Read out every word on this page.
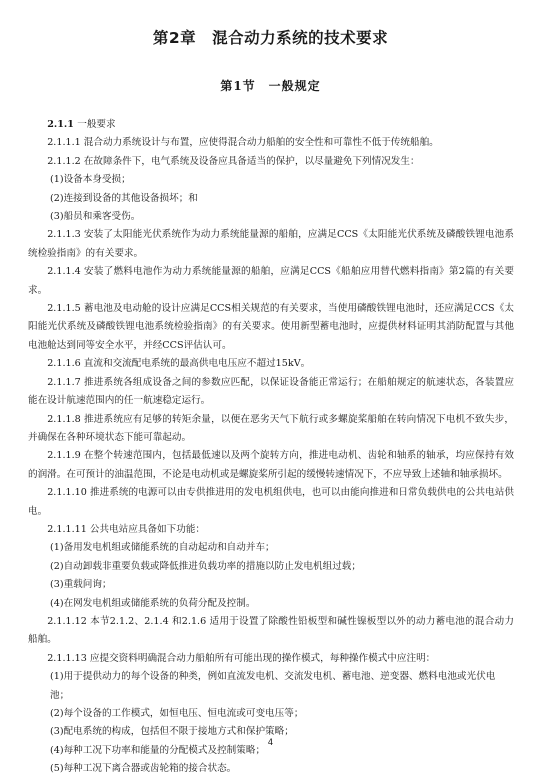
第2章　混合动力系统的技术要求
第1节　一般规定

2.1.1 一般要求

2.1.1.1 混合动力系统设计与布置，应使得混合动力船舶的安全性和可靠性不低于传统船舶。

2.1.1.2 在故障条件下，电气系统及设备应具备适当的保护，以尽量避免下列情况发生：

(1)设备本身受损；

(2)连接到设备的其他设备损坏；和

(3)船员和乘客受伤。

2.1.1.3 安装了太阳能光伏系统作为动力系统能量源的船舶，应满足CCS《太阳能光伏系统及磷酸铁锂电池系统检验指南》的有关要求。

2.1.1.4 安装了燃料电池作为动力系统能量源的船舶，应满足CCS《船舶应用替代燃料指南》第2篇的有关要求。

2.1.1.5 蓄电池及电动舱的设计应满足CCS相关规范的有关要求，当使用磷酸铁锂电池时，还应满足CCS《太阳能光伏系统及磷酸铁锂电池系统检验指南》的有关要求。使用新型蓄电池时，应提供材料证明其消防配置与其他电池舱达到同等安全水平，并经CCS评估认可。

2.1.1.6 直流和交流配电系统的最高供电电压应不超过15kV。

2.1.1.7 推进系统各组成设备之间的参数应匹配，以保证设备能正常运行；在船舶规定的航速状态，各装置应能在设计航速范围内的任一航速稳定运行。

2.1.1.8 推进系统应有足够的转矩余量，以便在恶劣天气下航行或多螺旋桨船舶在转向情况下电机不致失步，并确保在各种环境状态下能可靠起动。

2.1.1.9 在整个转速范围内，包括最低速以及两个旋转方向，推进电动机、齿轮和轴系的轴承，均应保持有效的润滑。在可预计的油温范围，不论是电动机或是螺旋桨所引起的缓慢转速情况下，不应导致上述轴和轴承损坏。

2.1.1.10 推进系统的电源可以由专供推进用的发电机组供电，也可以由能向推进和日常负载供电的公共电站供电。

2.1.1.11 公共电站应具备如下功能：

(1)备用发电机组或储能系统的自动起动和自动并车；

(2)自动卸载非重要负载或降低推进负载功率的措施以防止发电机组过载；

(3)重载问询；

(4)在网发电机组或储能系统的负荷分配及控制。

2.1.1.12 本节2.1.2、2.1.4 和2.1.6 适用于设置了除酸性铅板型和碱性镍板型以外的动力蓄电池的混合动力船舶。

2.1.1.13 应提交资料明确混合动力船舶所有可能出现的操作模式，每种操作模式中应注明：

(1)用于提供动力的每个设备的种类，例如直流发电机、交流发电机、蓄电池、逆变器、燃料电池或光伏电池；

(2)每个设备的工作模式，如恒电压、恒电流或可变电压等；

(3)配电系统的构成，包括但不限于接地方式和保护策略；

(4)每种工况下功率和能量的分配模式及控制策略；

(5)每种工况下离合器或齿轮箱的接合状态。

4
